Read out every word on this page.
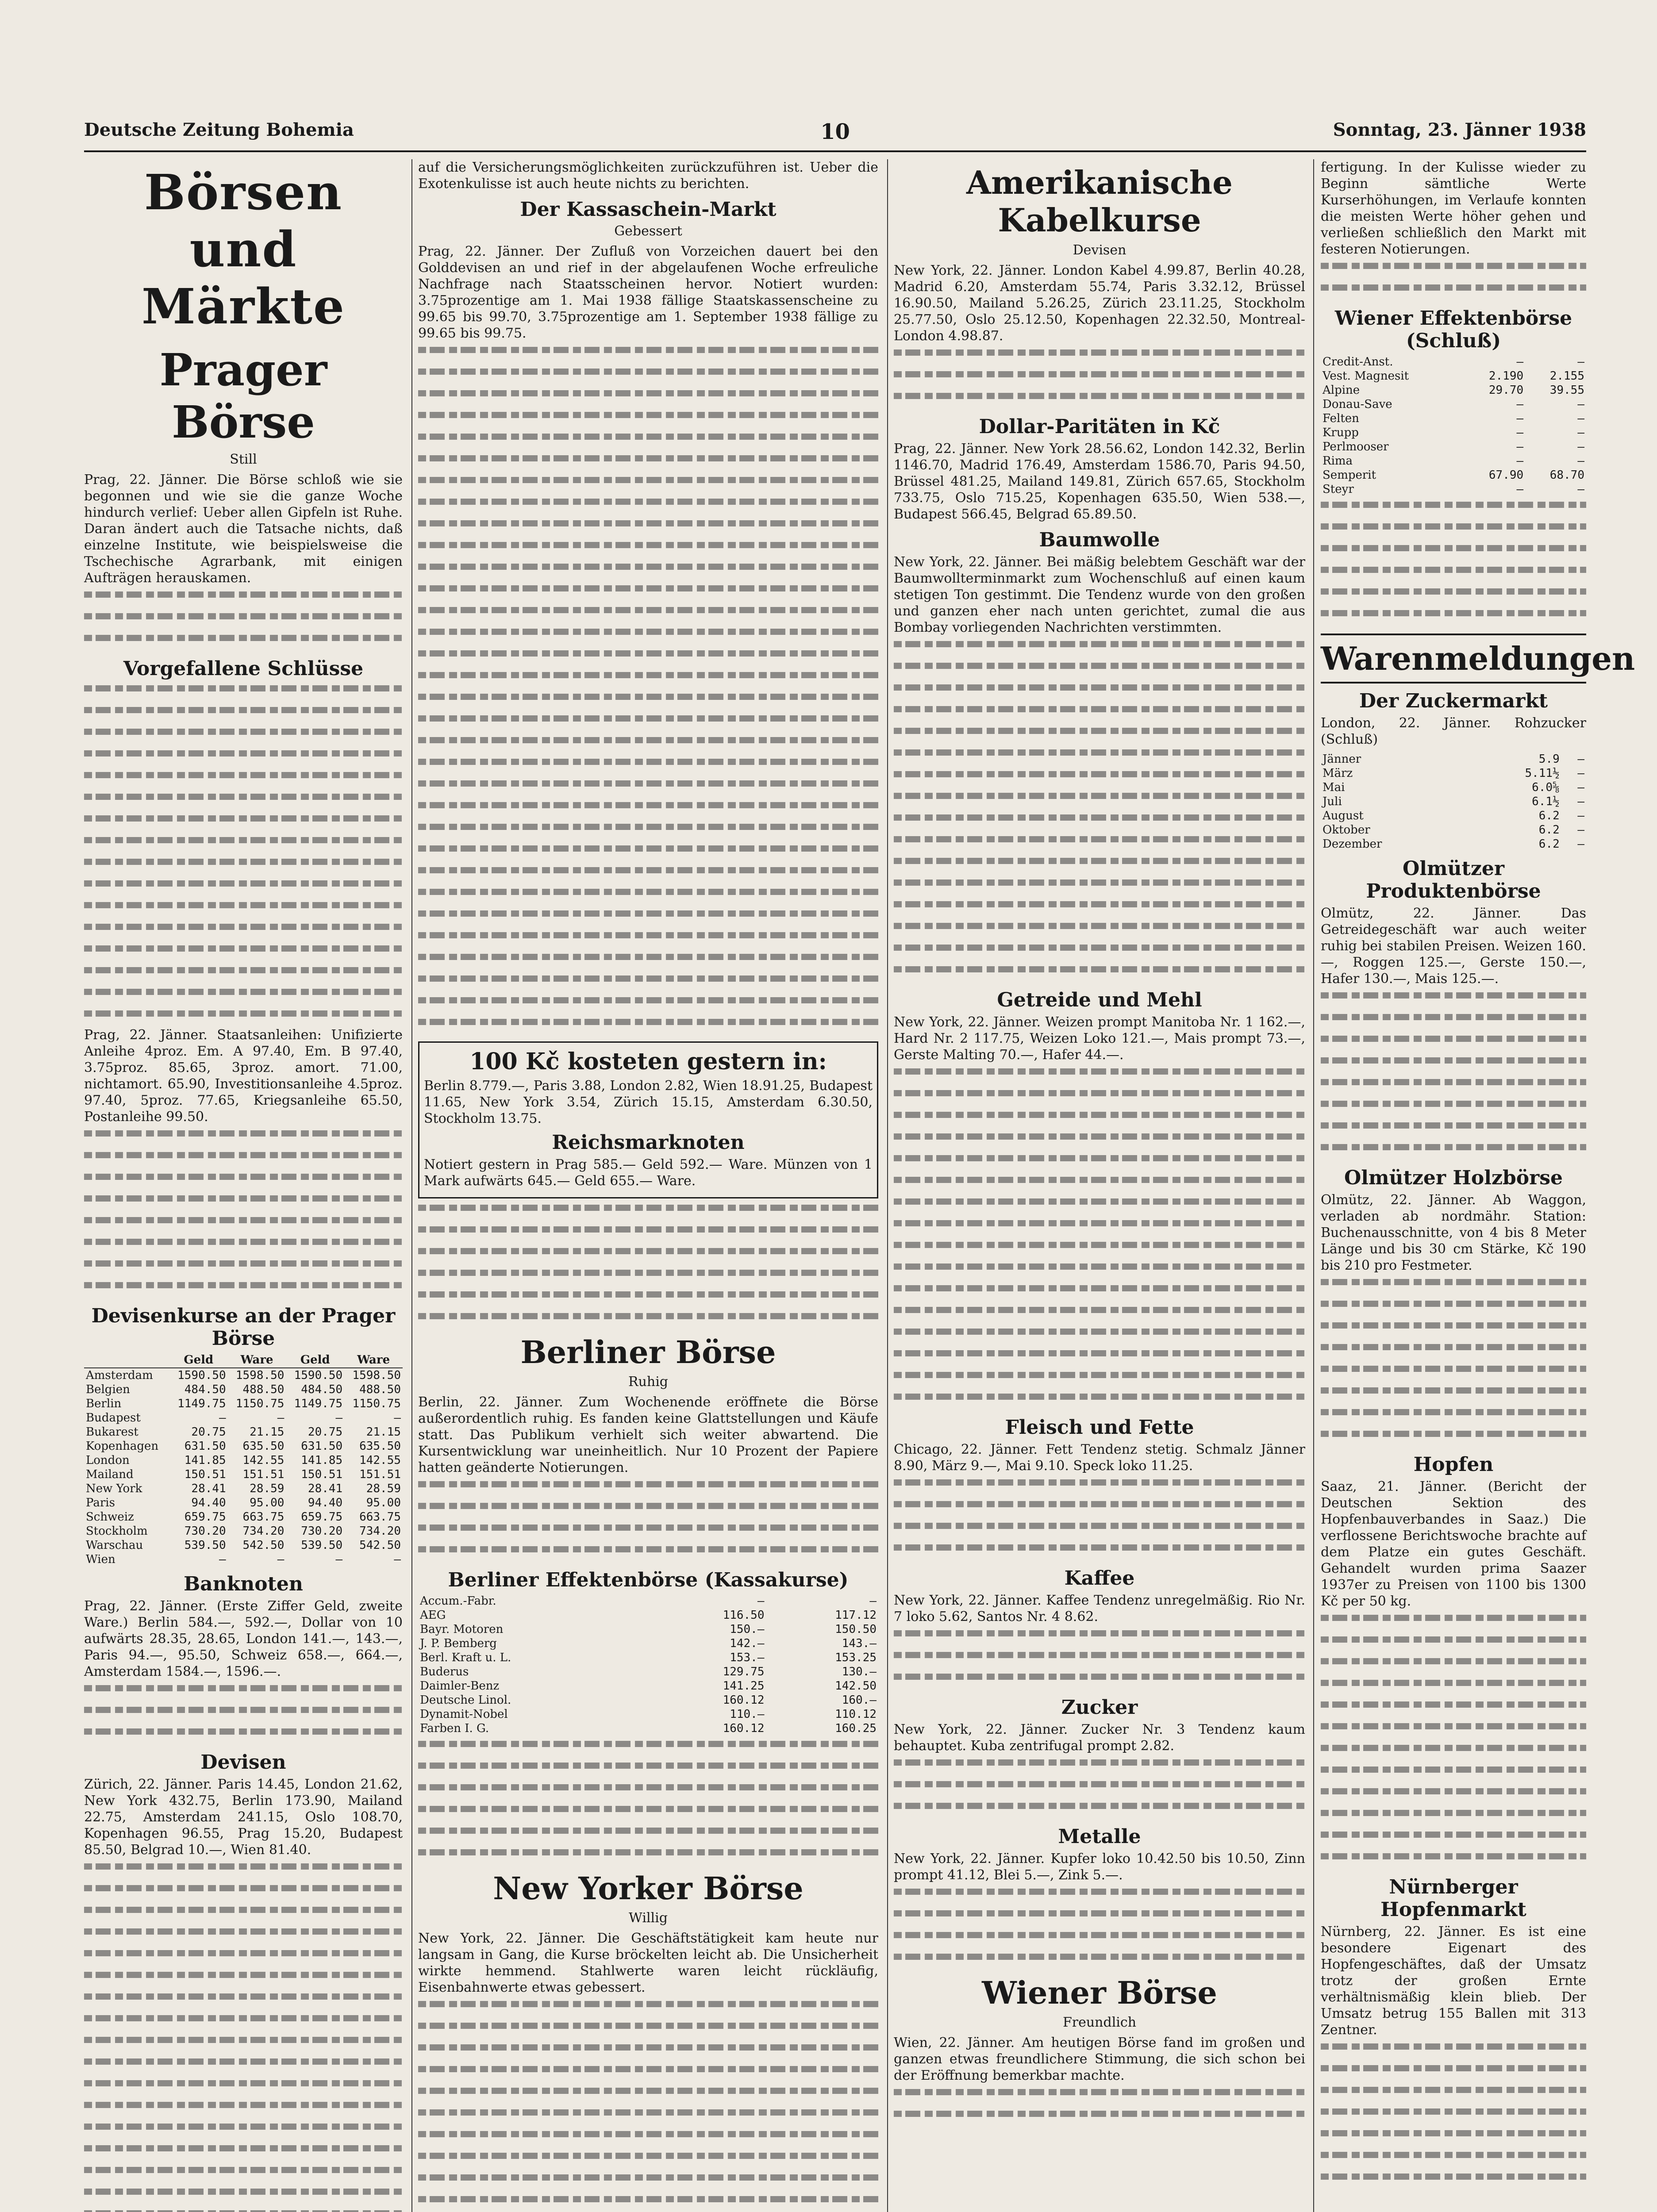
Deutsche Zeitung Bohemia	10	Sonntag, 23. Jänner 1938
Börsen und Märkte
Prager Börse
Still

Prag, 22. Jänner. Die Börse schloß wie sie begonnen und wie sie die ganze Woche hindurch verlief: Ueber allen Gipfeln ist Ruhe. Daran ändert auch die Tatsache nichts, daß einzelne Institute, wie beispielsweise die Tschechische Agrarbank, mit einigen Aufträgen herauskamen.

Vorgefallene Schlüsse

Prag, 22. Jänner. Staatsanleihen: Unifizierte Anleihe 4proz. Em. A 97.40, Em. B 97.40, 3.75proz. 85.65, 3proz. amort. 71.00, nichtamort. 65.90, Investitionsanleihe 4.5proz. 97.40, 5proz. 77.65, Kriegsanleihe 65.50, Postanleihe 99.50.

Devisenkurse an der Prager Börse
	Geld	Ware	Geld	Ware
Amsterdam	1590.50	1598.50	1590.50	1598.50
Belgien	484.50	488.50	484.50	488.50
Berlin	1149.75	1150.75	1149.75	1150.75
Budapest	—	—	—	—
Bukarest	20.75	21.15	20.75	21.15
Kopenhagen	631.50	635.50	631.50	635.50
London	141.85	142.55	141.85	142.55
Mailand	150.51	151.51	150.51	151.51
New York	28.41	28.59	28.41	28.59
Paris	94.40	95.00	94.40	95.00
Schweiz	659.75	663.75	659.75	663.75
Stockholm	730.20	734.20	730.20	734.20
Warschau	539.50	542.50	539.50	542.50
Wien	—	—	—	—
Banknoten

Prag, 22. Jänner. (Erste Ziffer Geld, zweite Ware.) Berlin 584.—, 592.—, Dollar von 10 aufwärts 28.35, 28.65, London 141.—, 143.—, Paris 94.—, 95.50, Schweiz 658.—, 664.—, Amsterdam 1584.—, 1596.—.

Devisen

Zürich, 22. Jänner. Paris 14.45, London 21.62, New York 432.75, Berlin 173.90, Mailand 22.75, Amsterdam 241.15, Oslo 108.70, Kopenhagen 96.55, Prag 15.20, Budapest 85.50, Belgrad 10.—, Wien 81.40.

auf die Versicherungsmöglichkeiten zurückzuführen ist. Ueber die Exotenkulisse ist auch heute nichts zu berichten.

Der Kassaschein-Markt
Gebessert

Prag, 22. Jänner. Der Zufluß von Vorzeichen dauert bei den Golddevisen an und rief in der abgelaufenen Woche erfreuliche Nachfrage nach Staatsscheinen hervor. Notiert wurden: 3.75prozentige am 1. Mai 1938 fällige Staatskassenscheine zu 99.65 bis 99.70, 3.75prozentige am 1. September 1938 fällige zu 99.65 bis 99.75.

100 Kč kosteten gestern in:

Berlin 8.779.—, Paris 3.88, London 2.82, Wien 18.91.25, Budapest 11.65, New York 3.54, Zürich 15.15, Amsterdam 6.30.50, Stockholm 13.75.

Reichsmarknoten

Notiert gestern in Prag 585.— Geld 592.— Ware. Münzen von 1 Mark aufwärts 645.— Geld 655.— Ware.

Berliner Börse
Ruhig

Berlin, 22. Jänner. Zum Wochenende eröffnete die Börse außerordentlich ruhig. Es fanden keine Glattstellungen und Käufe statt. Das Publikum verhielt sich weiter abwartend. Die Kursentwicklung war uneinheitlich. Nur 10 Prozent der Papiere hatten geänderte Notierungen.

Berliner Effektenbörse (Kassakurse)
Accum.-Fabr.	—	—
AEG	116.50	117.12
Bayr. Motoren	150.—	150.50
J. P. Bemberg	142.—	143.—
Berl. Kraft u. L.	153.—	153.25
Buderus	129.75	130.—
Daimler-Benz	141.25	142.50
Deutsche Linol.	160.12	160.—
Dynamit-Nobel	110.—	110.12
Farben I. G.	160.12	160.25
New Yorker Börse
Willig

New York, 22. Jänner. Die Geschäftstätigkeit kam heute nur langsam in Gang, die Kurse bröckelten leicht ab. Die Unsicherheit wirkte hemmend. Stahlwerte waren leicht rückläufig, Eisenbahnwerte etwas gebessert.

Amerikanische Kabelkurse
Devisen

New York, 22. Jänner. London Kabel 4.99.87, Berlin 40.28, Madrid 6.20, Amsterdam 55.74, Paris 3.32.12, Brüssel 16.90.50, Mailand 5.26.25, Zürich 23.11.25, Stockholm 25.77.50, Oslo 25.12.50, Kopenhagen 22.32.50, Montreal-London 4.98.87.

Dollar-Paritäten in Kč

Prag, 22. Jänner. New York 28.56.62, London 142.32, Berlin 1146.70, Madrid 176.49, Amsterdam 1586.70, Paris 94.50, Brüssel 481.25, Mailand 149.81, Zürich 657.65, Stockholm 733.75, Oslo 715.25, Kopenhagen 635.50, Wien 538.—, Budapest 566.45, Belgrad 65.89.50.

Baumwolle

New York, 22. Jänner. Bei mäßig belebtem Geschäft war der Baumwollterminmarkt zum Wochenschluß auf einen kaum stetigen Ton gestimmt. Die Tendenz wurde von den großen und ganzen eher nach unten gerichtet, zumal die aus Bombay vorliegenden Nachrichten verstimmten.

Getreide und Mehl

New York, 22. Jänner. Weizen prompt Manitoba Nr. 1 162.—, Hard Nr. 2 117.75, Weizen Loko 121.—, Mais prompt 73.—, Gerste Malting 70.—, Hafer 44.—.

Fleisch und Fette

Chicago, 22. Jänner. Fett Tendenz stetig. Schmalz Jänner 8.90, März 9.—, Mai 9.10. Speck loko 11.25.

Kaffee

New York, 22. Jänner. Kaffee Tendenz unregelmäßig. Rio Nr. 7 loko 5.62, Santos Nr. 4 8.62.

Zucker

New York, 22. Jänner. Zucker Nr. 3 Tendenz kaum behauptet. Kuba zentrifugal prompt 2.82.

Metalle

New York, 22. Jänner. Kupfer loko 10.42.50 bis 10.50, Zinn prompt 41.12, Blei 5.—, Zink 5.—.

Wiener Börse
Freundlich

Wien, 22. Jänner. Am heutigen Börse fand im großen und ganzen etwas freundlichere Stimmung, die sich schon bei der Eröffnung bemerkbar machte.

fertigung. In der Kulisse wieder zu Beginn sämtliche Werte Kurserhöhungen, im Verlaufe konnten die meisten Werte höher gehen und verließen schließlich den Markt mit festeren Notierungen.

Wiener Effektenbörse (Schluß)
Credit-Anst.	—	—
Vest. Magnesit	2.190	2.155
Alpine	29.70	39.55
Donau-Save	—	—
Felten	—	—
Krupp	—	—
Perlmooser	—	—
Rima	—	—
Semperit	67.90	68.70
Steyr	—	—
Warenmeldungen
Der Zuckermarkt

London, 22. Jänner. Rohzucker (Schluß)

Jänner	5.9	—
März	5.11½	—
Mai	6.0⅝	—
Juli	6.1½	—
August	6.2	—
Oktober	6.2	—
Dezember	6.2	—
Olmützer Produktenbörse

Olmütz, 22. Jänner. Das Getreidegeschäft war auch weiter ruhig bei stabilen Preisen. Weizen 160.—, Roggen 125.—, Gerste 150.—, Hafer 130.—, Mais 125.—.

Olmützer Holzbörse

Olmütz, 22. Jänner. Ab Waggon, verladen ab nordmähr. Station: Buchenausschnitte, von 4 bis 8 Meter Länge und bis 30 cm Stärke, Kč 190 bis 210 pro Festmeter.

Hopfen

Saaz, 21. Jänner. (Bericht der Deutschen Sektion des Hopfenbauverbandes in Saaz.) Die verflossene Berichtswoche brachte auf dem Platze ein gutes Geschäft. Gehandelt wurden prima Saazer 1937er zu Preisen von 1100 bis 1300 Kč per 50 kg.

Nürnberger Hopfenmarkt

Nürnberg, 22. Jänner. Es ist eine besondere Eigenart des Hopfengeschäftes, daß der Umsatz trotz der großen Ernte verhältnismäßig klein blieb. Der Umsatz betrug 155 Ballen mit 313 Zentner.
